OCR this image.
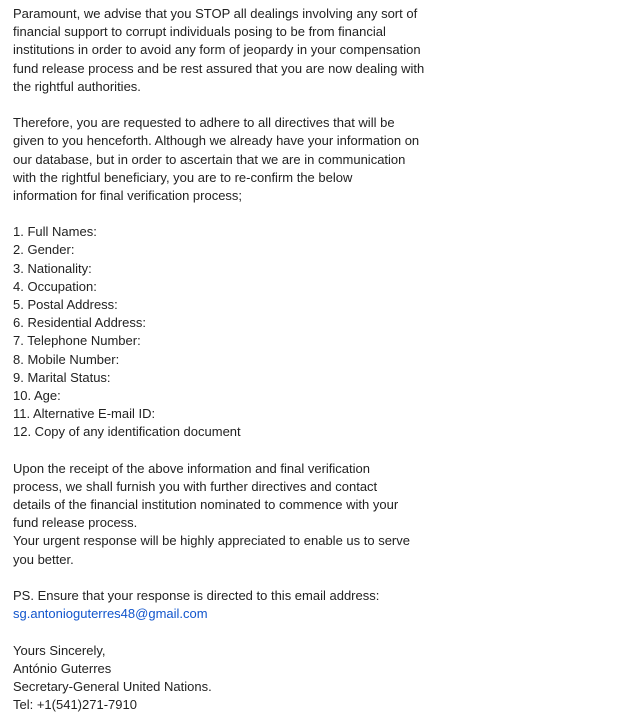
Paramount, we advise that you STOP all dealings involving any sort of
financial support to corrupt individuals posing to be from financial
institutions in order to avoid any form of jeopardy in your compensation
fund release process and be rest assured that you are now dealing with
the rightful authorities.
Therefore, you are requested to adhere to all directives that will be
given to you henceforth. Although we already have your information on
our database, but in order to ascertain that we are in communication
with the rightful beneficiary, you are to re-confirm the below
information for final verification process;
1. Full Names:
2. Gender:
3. Nationality:
4. Occupation:
5. Postal Address:
6. Residential Address:
7. Telephone Number:
8. Mobile Number:
9. Marital Status:
10. Age:
11. Alternative E-mail ID:
12. Copy of any identification document
Upon the receipt of the above information and final verification
process, we shall furnish you with further directives and contact
details of the financial institution nominated to commence with your
fund release process.
Your urgent response will be highly appreciated to enable us to serve
you better.
PS. Ensure that your response is directed to this email address:
sg.antonioguterres48@gmail.com
Yours Sincerely,
António Guterres
Secretary-General United Nations.
Tel: +1(541)271-7910
